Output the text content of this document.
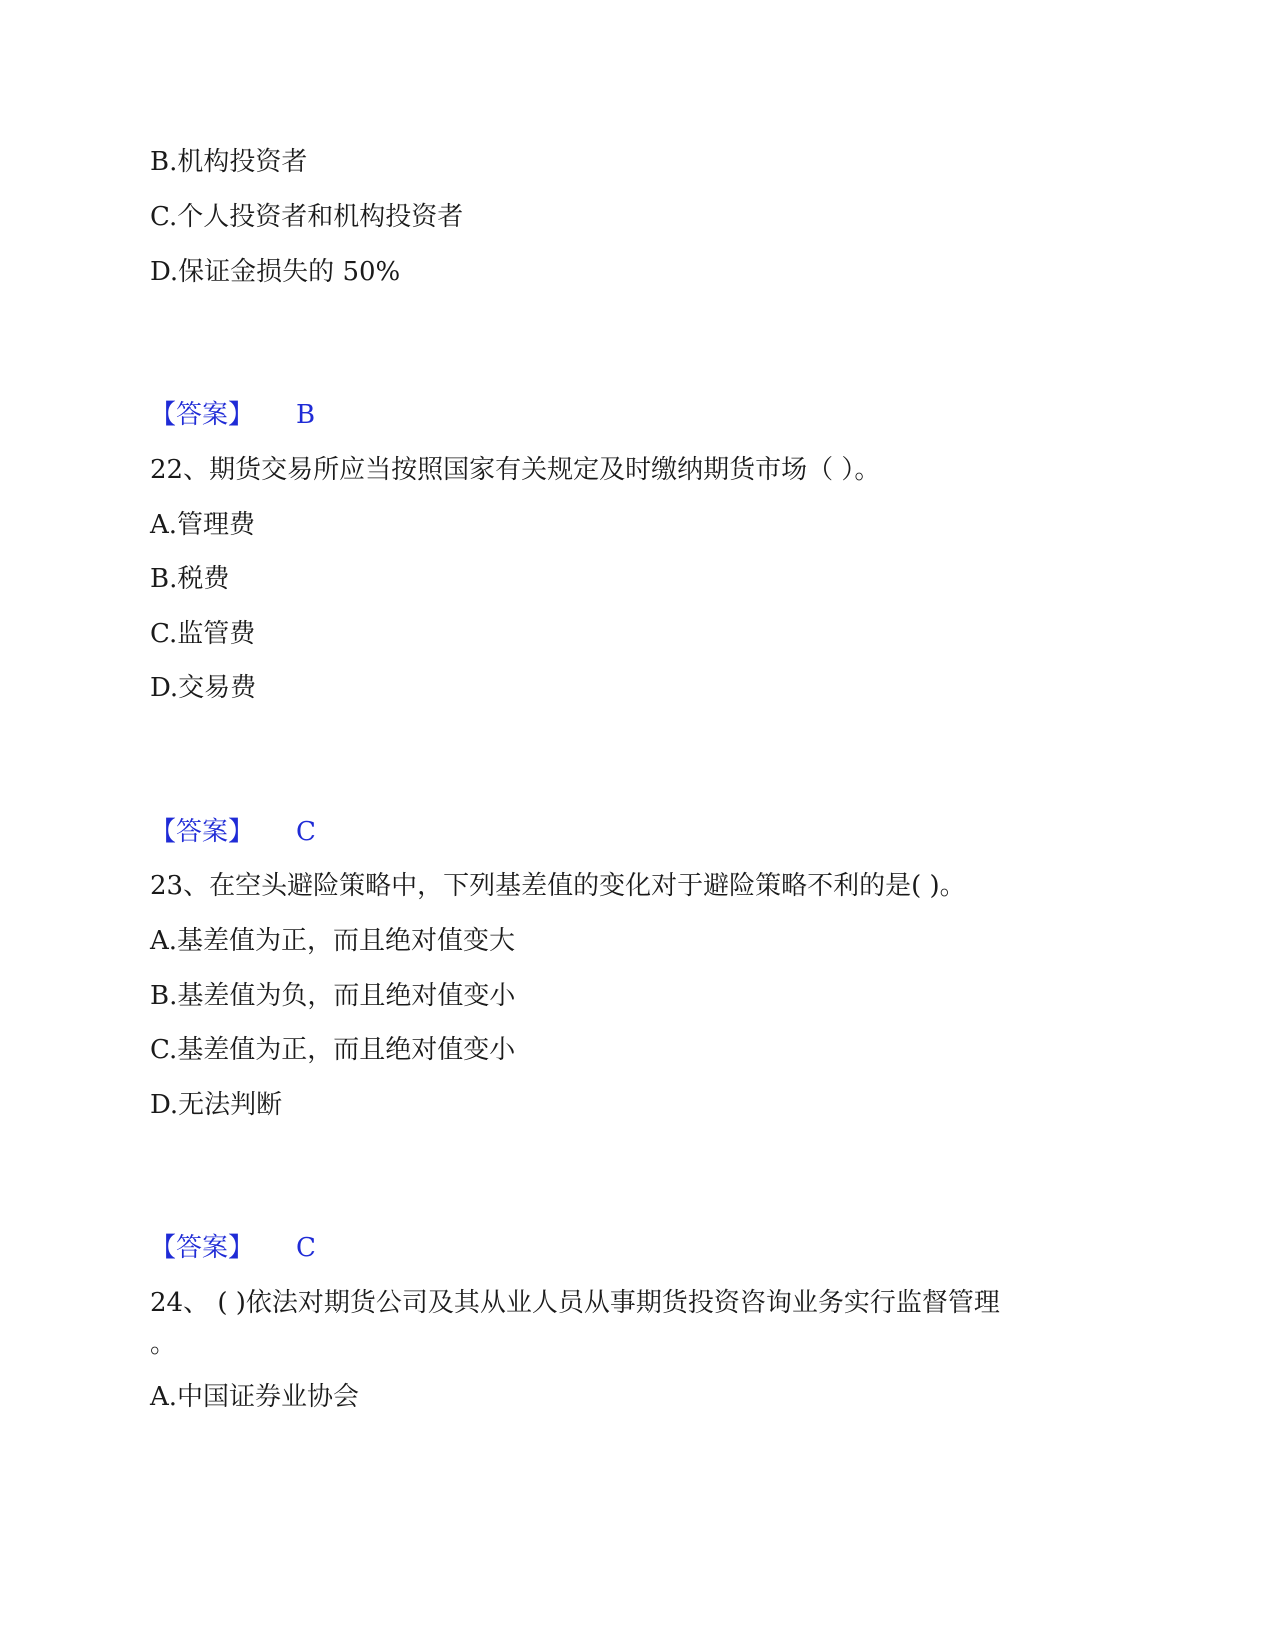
B.机构投资者
C.个人投资者和机构投资者
D.保证金损失的 50%
【答案】 B
22、期货交易所应当按照国家有关规定及时缴纳期货市场（ ）。
A.管理费
B.税费
C.监管费
D.交易费
【答案】 C
23、在空头避险策略中，下列基差值的变化对于避险策略不利的是( )。
A.基差值为正，而且绝对值变大
B.基差值为负，而且绝对值变小
C.基差值为正，而且绝对值变小
D.无法判断
【答案】 C
24、 ( )依法对期货公司及其从业人员从事期货投资咨询业务实行监督管理
。
A.中国证券业协会
